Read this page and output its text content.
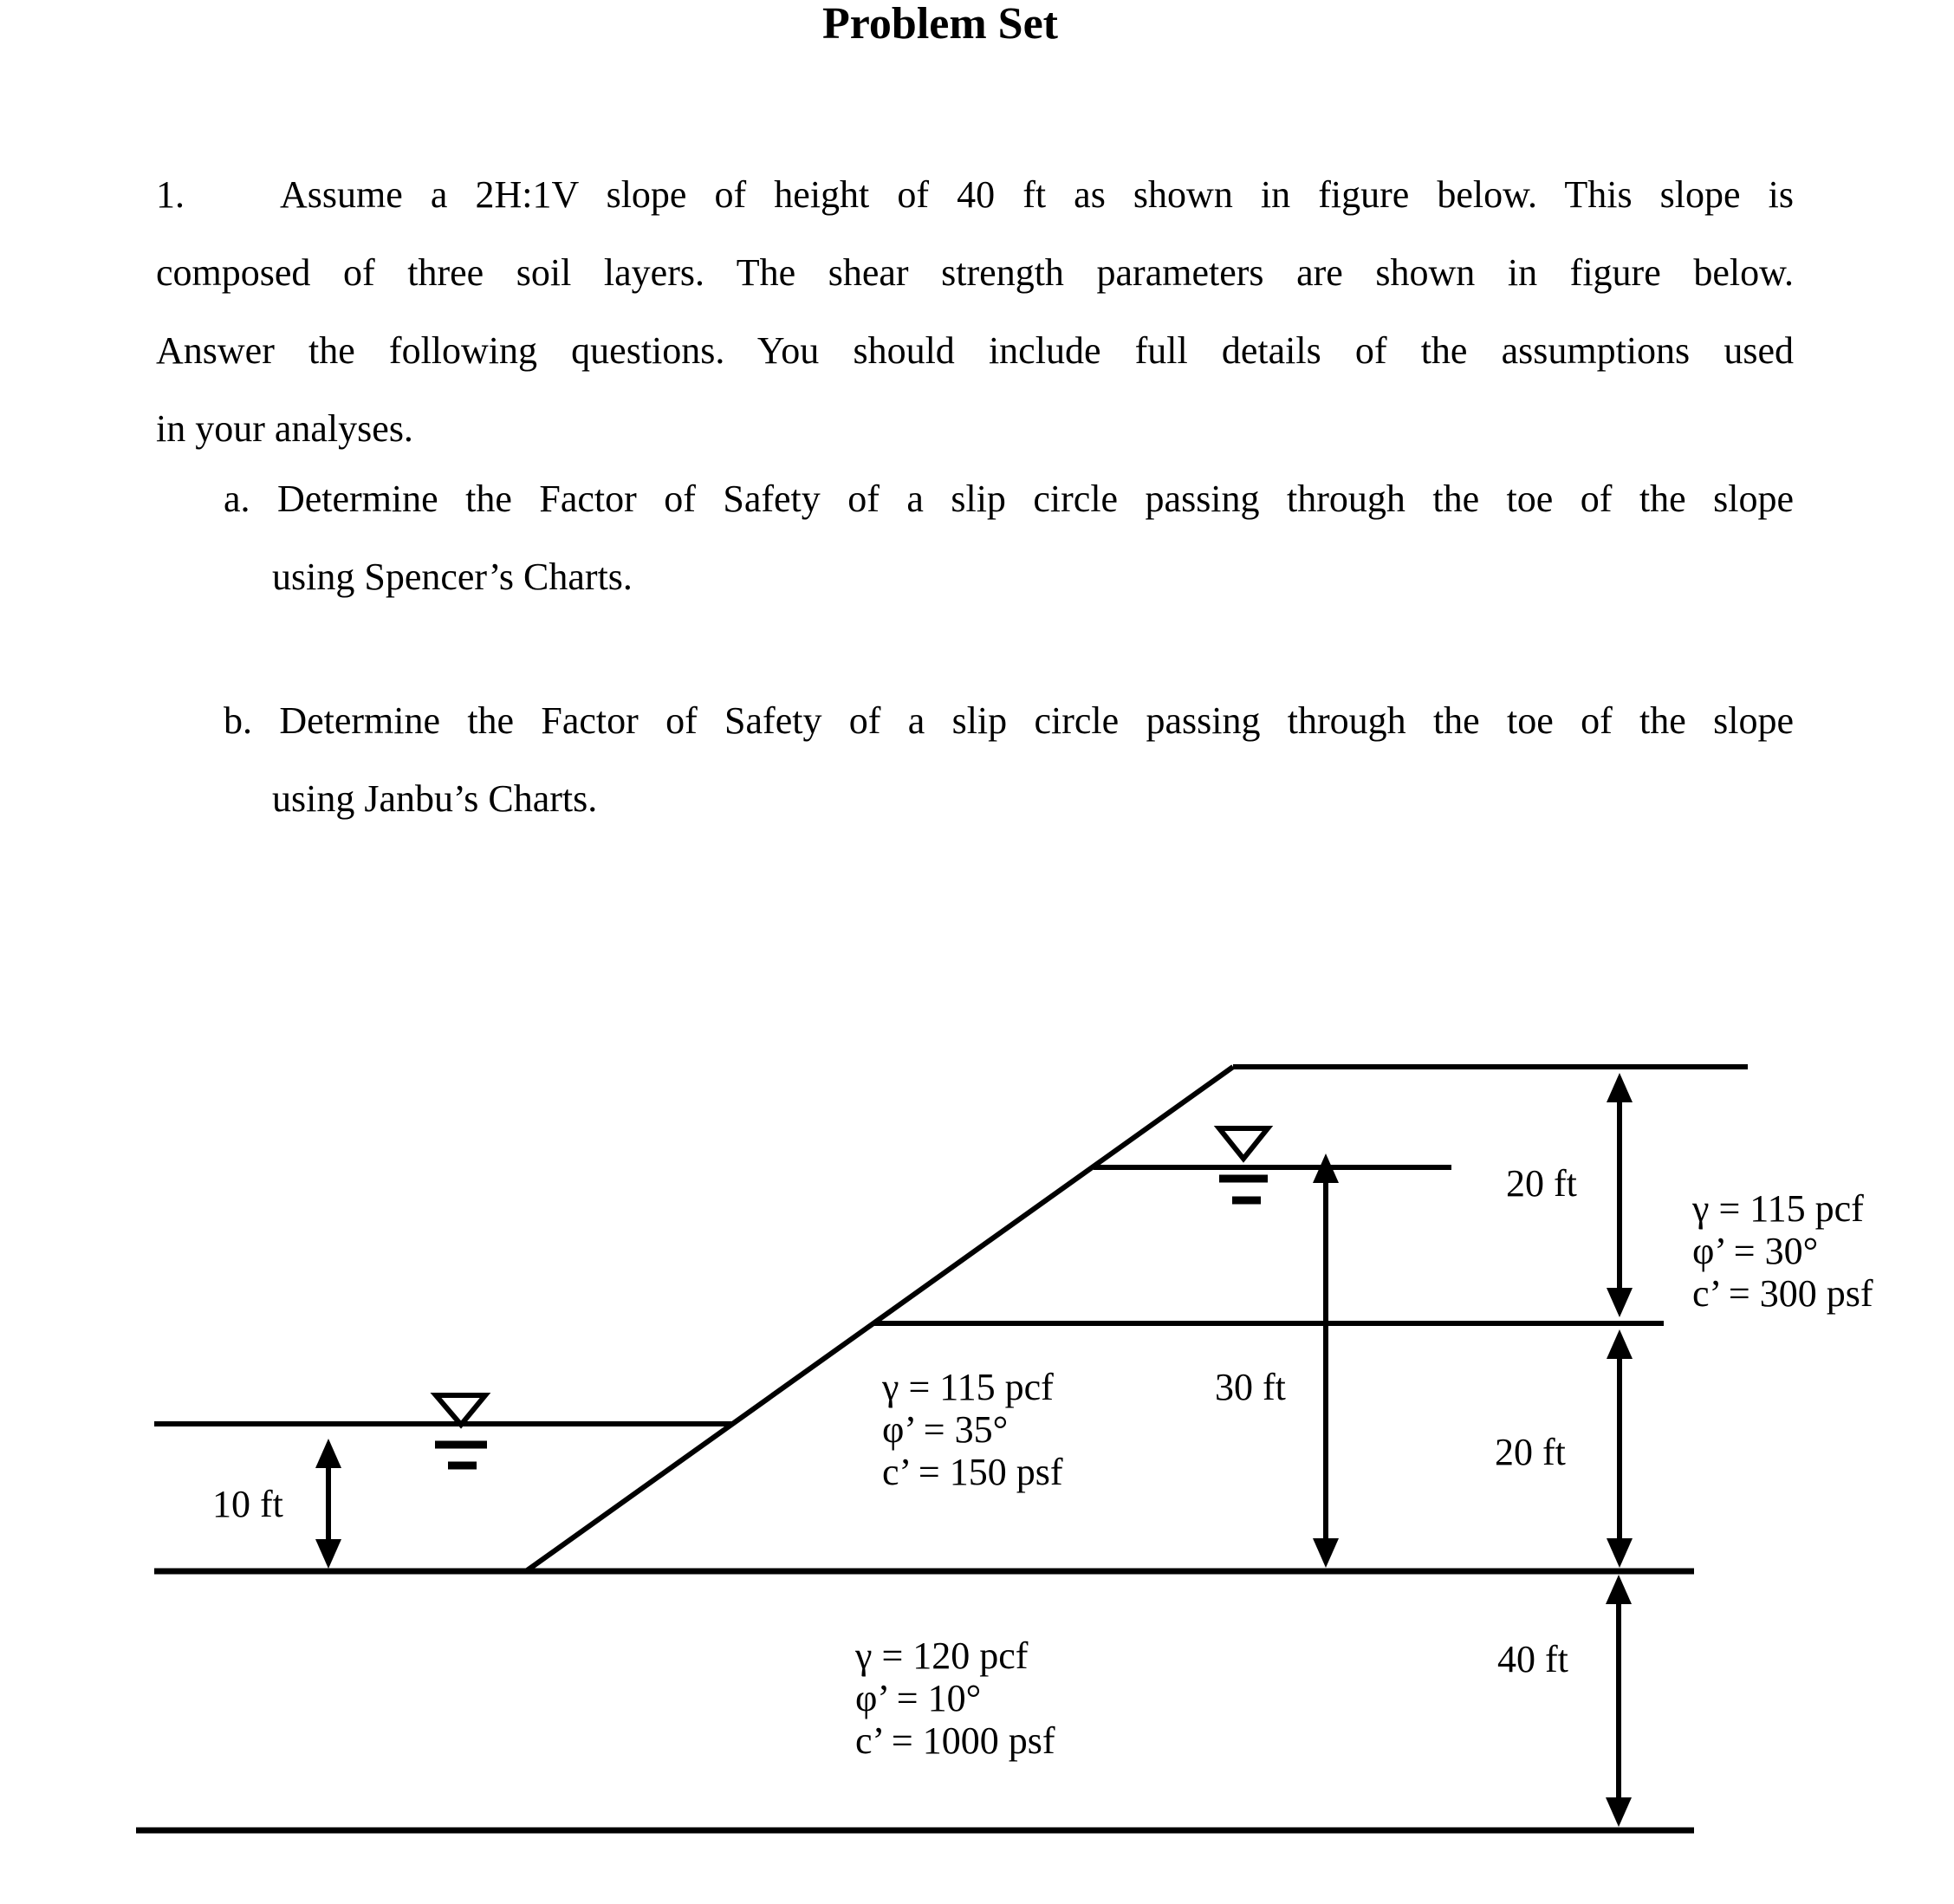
Problem Set
1.	Assume a 2H:1V slope of height of 40 ft as shown in figure below. This slope is
composed of three soil layers. The shear strength parameters are shown in figure below.
Answer the following questions. You should include full details of the assumptions used
in your analyses.
a. Determine the Factor of Safety of a slip circle passing through the toe of the slope
using Spencer’s Charts.
b. Determine the Factor of Safety of a slip circle passing through the toe of the slope
using Janbu’s Charts.
20 ft
20 ft
40 ft
30 ft
10 ft
γ = 115 pcf
φ’ = 30°
c’ = 300 psf
γ = 115 pcf
φ’ = 35°
c’ = 150 psf
γ = 120 pcf
φ’ = 10°
c’ = 1000 psf
